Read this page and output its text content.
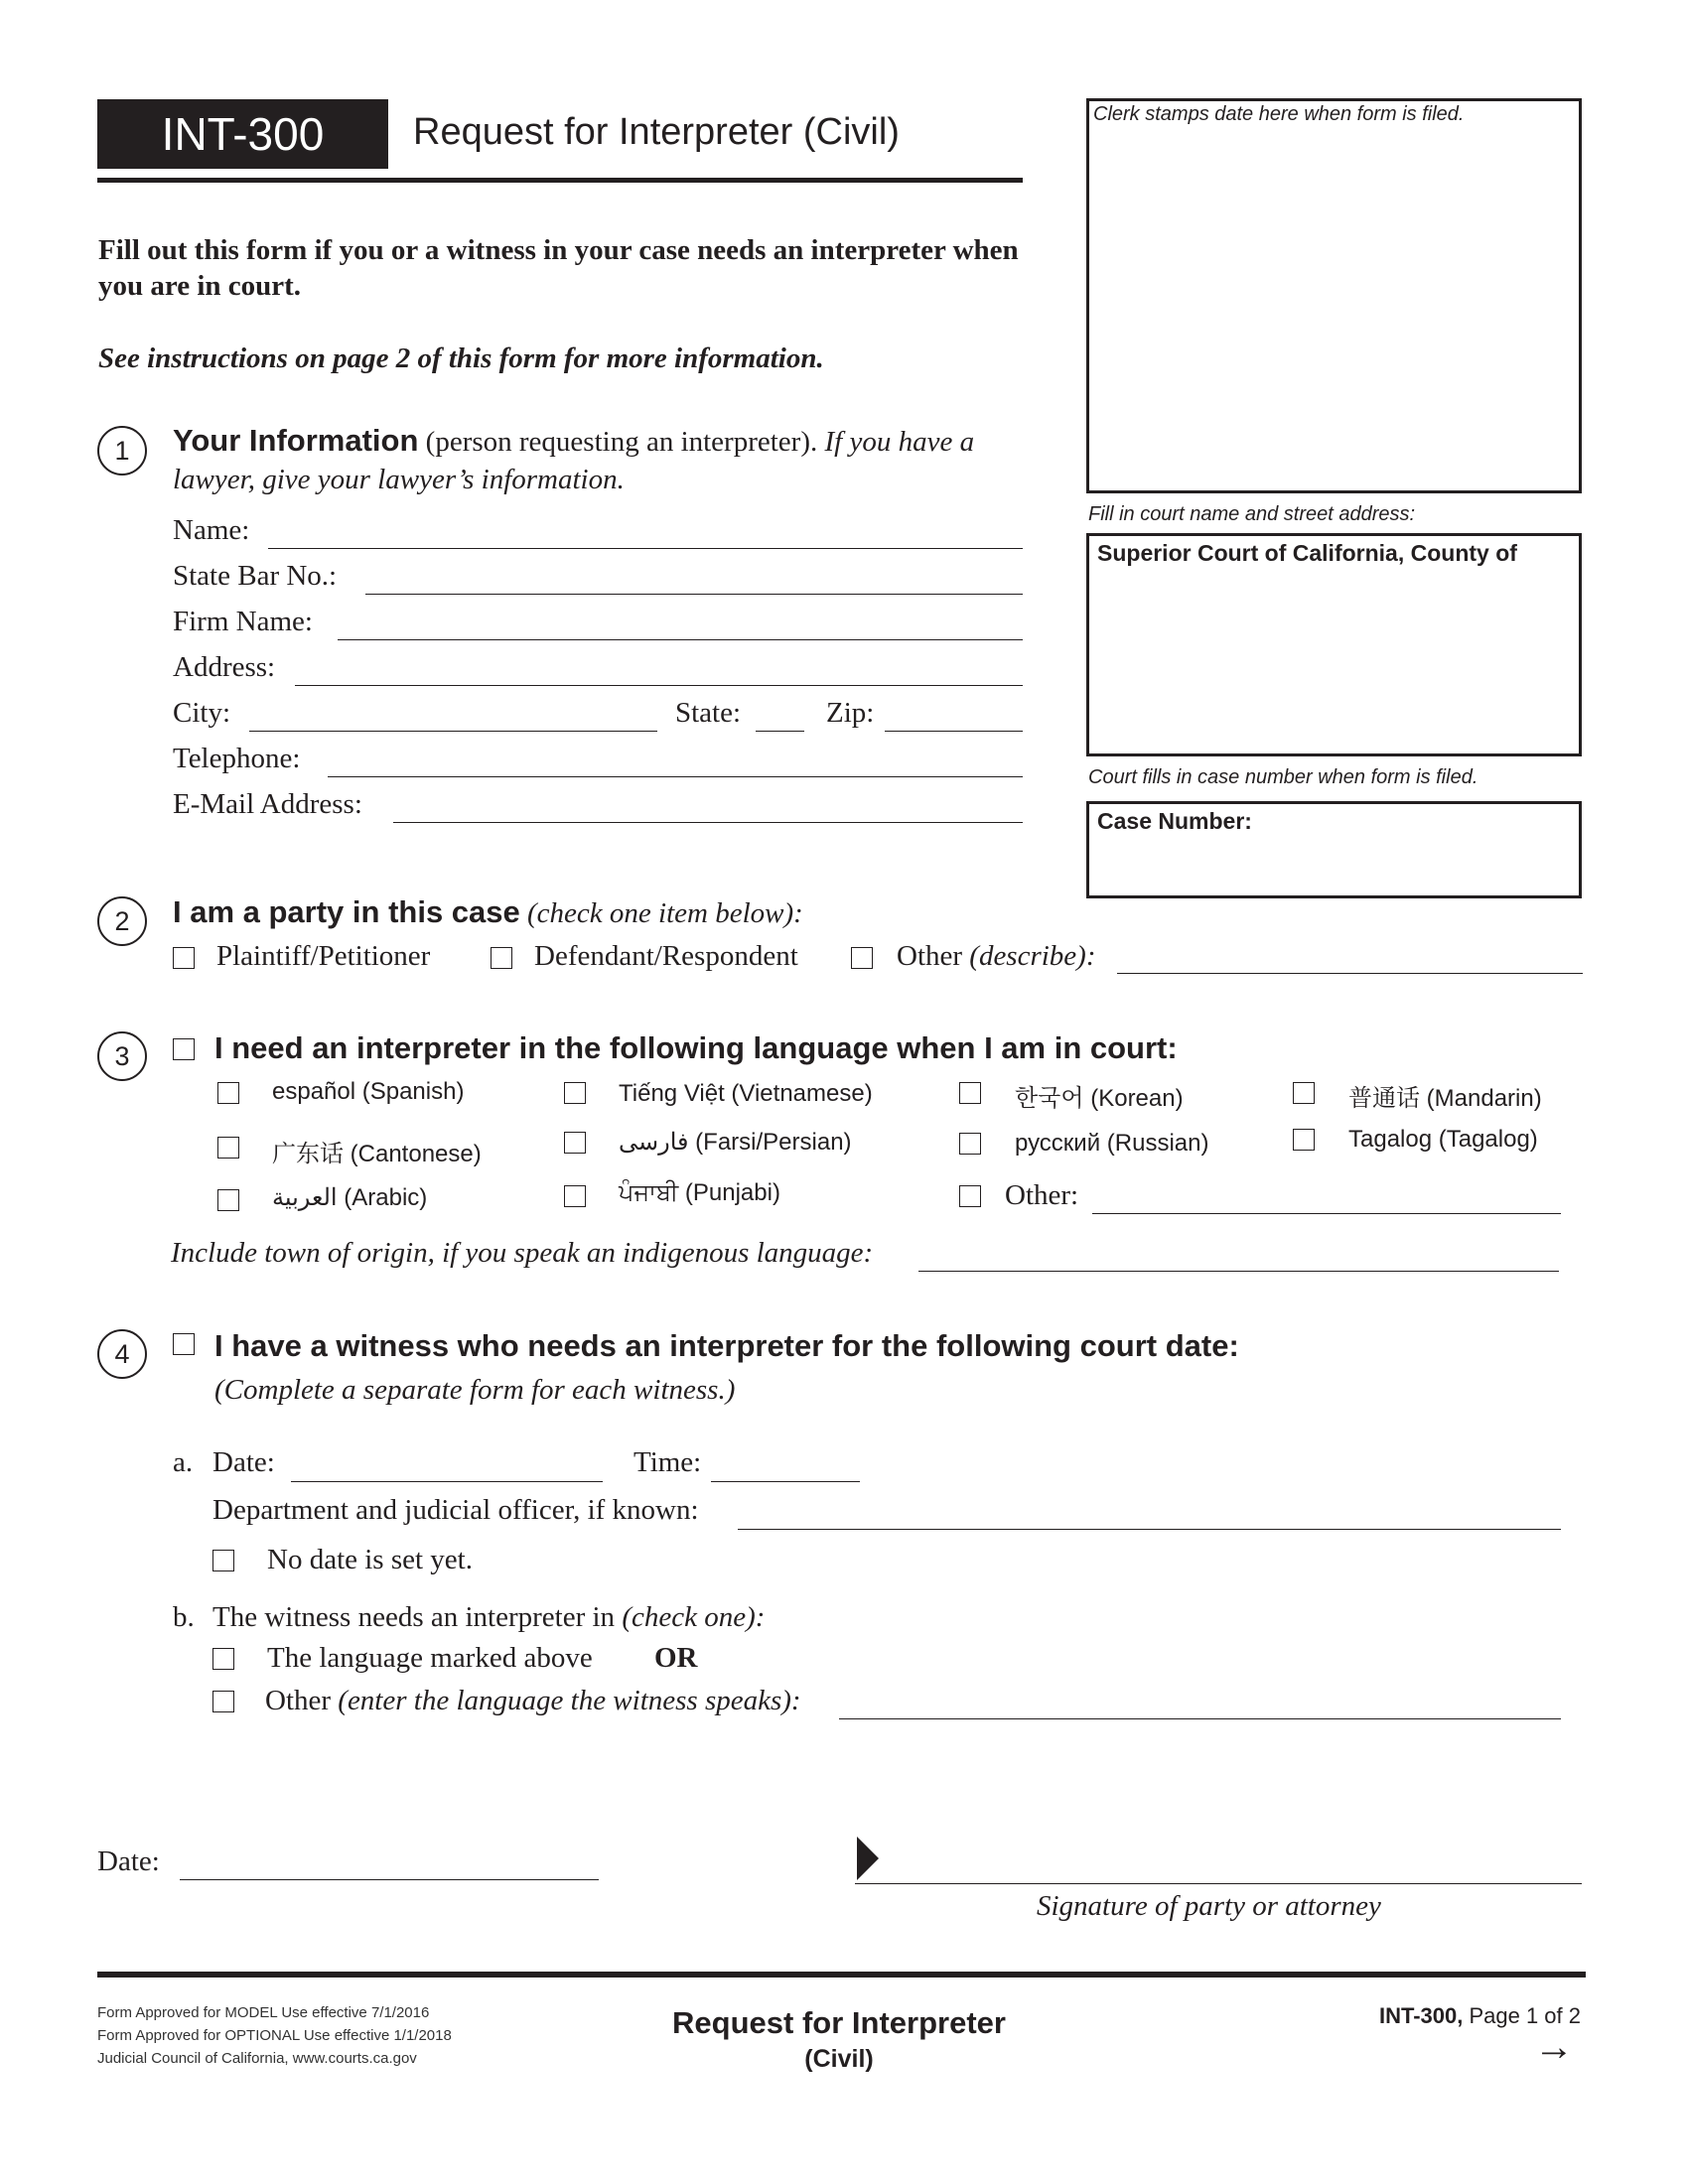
INT-300	Request for Interpreter (Civil)	Clerk stamps date here when form is filed.
Fill in court name and street address:
Superior Court of California, County of
Court fills in case number when form is filed.
Case Number:
Fill out this form if you or a witness in your case needs an interpreter when
you are in court.
See instructions on page 2 of this form for more information.
1	Your Information (person requesting an interpreter). If you have a
lawyer, give your lawyer’s information.
Name:
State Bar No.:
Firm Name:
Address:
City:	State:	Zip:
Telephone:
E-Mail Address:
2	I am a party in this case (check one item below):
Plaintiff/Petitioner	Defendant/Respondent	Other (describe):
3	I need an interpreter in the following language when I am in court:
español (Spanish)	Tiếng Việt (Vietnamese)	한국어 (Korean)	普通话 (Mandarin)
广东话 (Cantonese)	فارسی (Farsi/Persian)	русский (Russian)	Tagalog (Tagalog)
العربية (Arabic)	ਪੰਜਾਬੀ (Punjabi)	Other:
Include town of origin, if you speak an indigenous language:
4	I have a witness who needs an interpreter for the following court date:
(Complete a separate form for each witness.)
a. Date:	Time:
Department and judicial officer, if known:
No date is set yet.
b. The witness needs an interpreter in (check one):
The language marked above OR
Other (enter the language the witness speaks):
Date:
Signature of party or attorney
Form Approved for MODEL Use effective 7/1/2016
Form Approved for OPTIONAL Use effective 1/1/2018
Judicial Council of California, www.courts.ca.gov
Request for Interpreter
(Civil)
INT-300, Page 1 of 2
→
